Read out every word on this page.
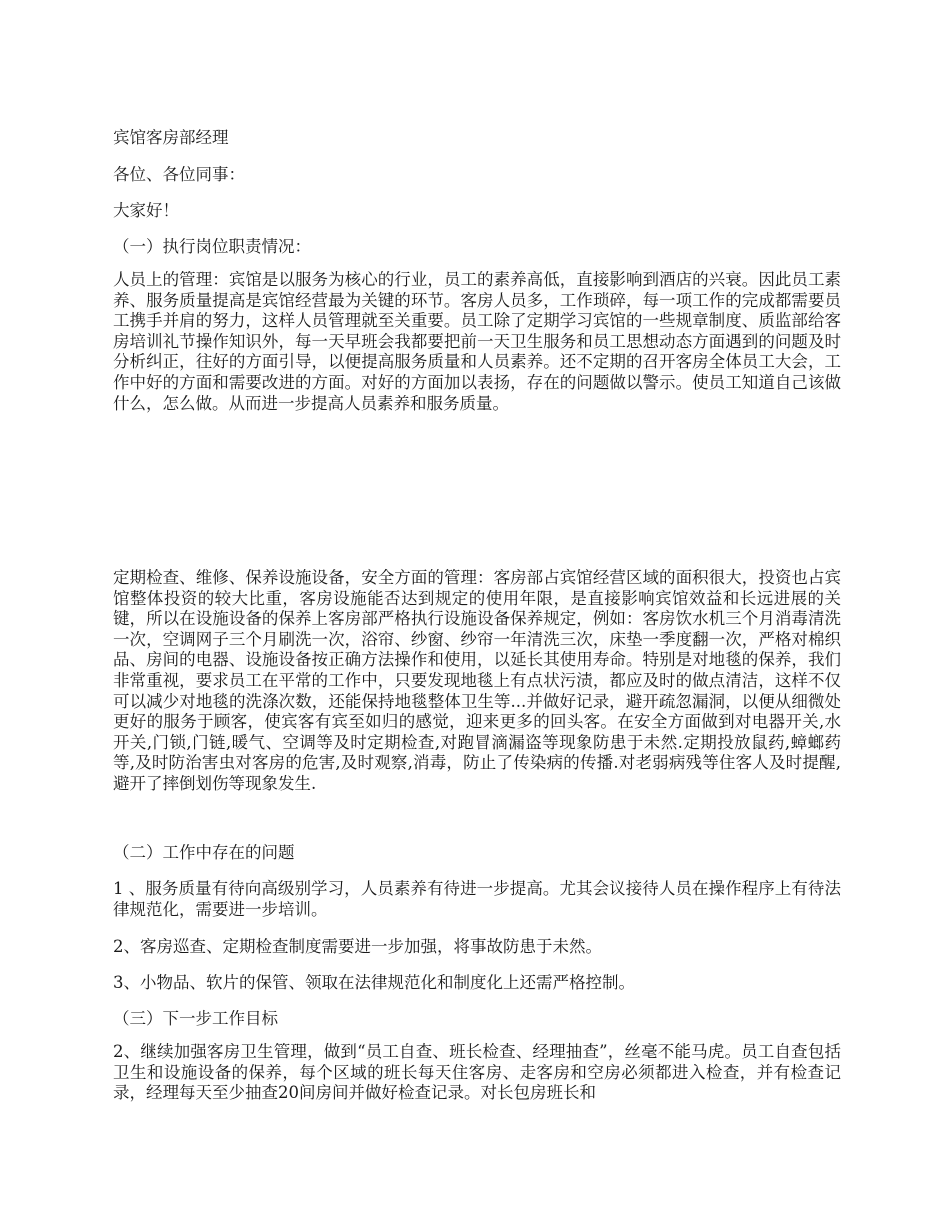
宾馆客房部经理
各位、各位同事：
大家好！
（一）执行岗位职责情况：
人员上的管理：宾馆是以服务为核心的行业，员工的素养高低，直接影响到酒店的兴衰。因此员工素养、服务质量提高是宾馆经营最为关键的环节。客房人员多，工作琐碎，每一项工作的完成都需要员工携手并肩的努力，这样人员管理就至关重要。员工除了定期学习宾馆的一些规章制度、质监部给客房培训礼节操作知识外，每一天早班会我都要把前一天卫生服务和员工思想动态方面遇到的问题及时分析纠正，往好的方面引导，以便提高服务质量和人员素养。还不定期的召开客房全体员工大会，工作中好的方面和需要改进的方面。对好的方面加以表扬，存在的问题做以警示。使员工知道自己该做什么，怎么做。从而进一步提高人员素养和服务质量。
定期检查、维修、保养设施设备，安全方面的管理：客房部占宾馆经营区域的面积很大，投资也占宾馆整体投资的较大比重，客房设施能否达到规定的使用年限，是直接影响宾馆效益和长远进展的关键，所以在设施设备的保养上客房部严格执行设施设备保养规定，例如：客房饮水机三个月消毒清洗一次，空调网子三个月刷洗一次，浴帘、纱窗、纱帘一年清洗三次，床垫一季度翻一次，严格对棉织品、房间的电器、设施设备按正确方法操作和使用，以延长其使用寿命。特别是对地毯的保养，我们非常重视，要求员工在平常的工作中，只要发现地毯上有点状污渍，都应及时的做点清洁，这样不仅可以减少对地毯的洗涤次数，还能保持地毯整体卫生等...并做好记录，避开疏忽漏洞，以便从细微处更好的服务于顾客，使宾客有宾至如归的感觉，迎来更多的回头客。在安全方面做到对电器开关,水开关,门锁,门链,暖气、空调等及时定期检查,对跑冒滴漏盗等现象防患于未然.定期投放鼠药,蟑螂药等,及时防治害虫对客房的危害,及时观察,消毒，防止了传染病的传播.对老弱病残等住客人及时提醒,避开了摔倒划伤等现象发生.
（二）工作中存在的问题
1 、服务质量有待向高级别学习，人员素养有待进一步提高。尤其会议接待人员在操作程序上有待法律规范化，需要进一步培训。
2、客房巡查、定期检查制度需要进一步加强，将事故防患于未然。
3、小物品、软片的保管、领取在法律规范化和制度化上还需严格控制。
（三）下一步工作目标
2、继续加强客房卫生管理，做到“员工自查、班长检查、经理抽查”，丝毫不能马虎。员工自查包括卫生和设施设备的保养，每个区域的班长每天住客房、走客房和空房必须都进入检查，并有检查记录，经理每天至少抽查20间房间并做好检查记录。对长包房班长和
